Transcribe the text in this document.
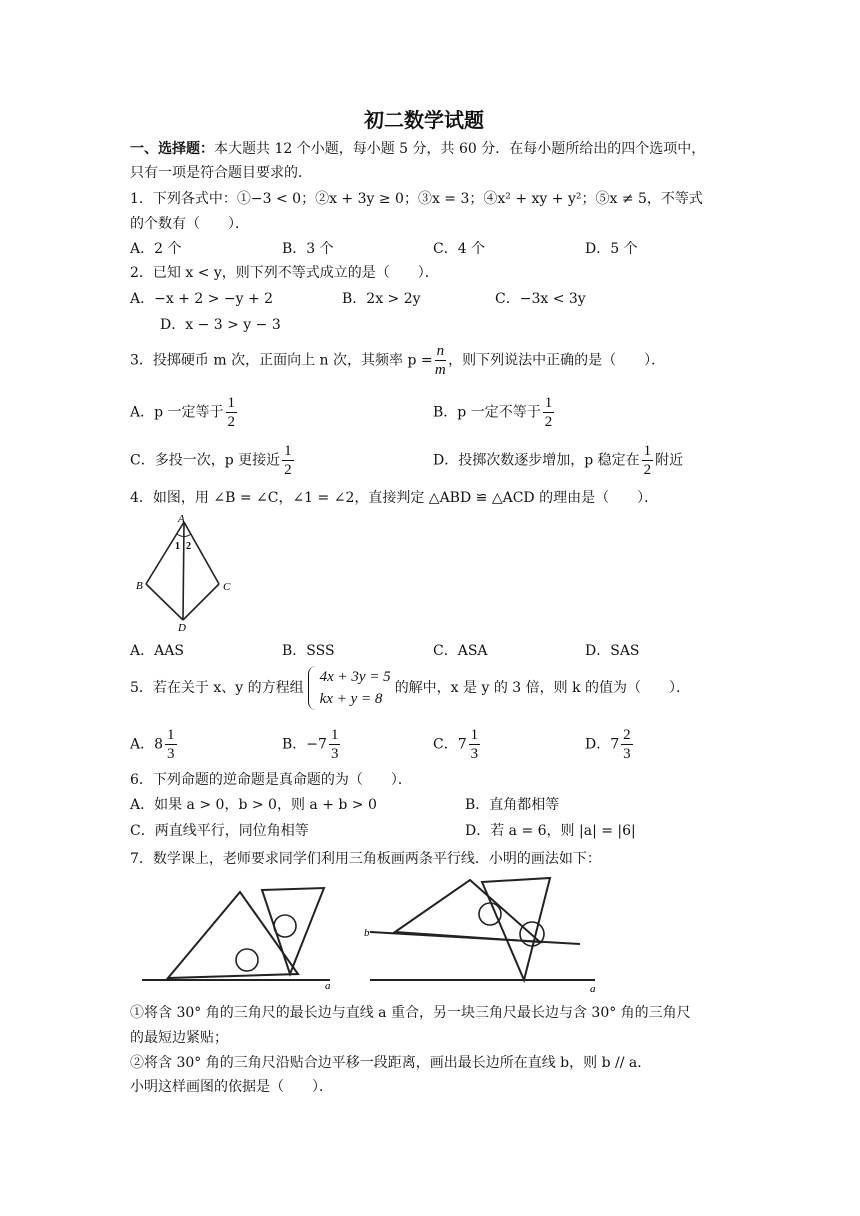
初二数学试题
一、选择题：本大题共 12 个小题，每小题 5 分，共 60 分．在每小题所给出的四个选项中，
只有一项是符合题目要求的．
1．下列各式中：①−3 < 0；②x + 3y ≥ 0；③x = 3；④x² + xy + y²；⑤x ≠ 5，不等式
的个数有（　　）．
A．2 个	B．3 个	C．4 个	D．5 个
2．已知 x < y，则下列不等式成立的是（　　）．
A．−x + 2 > −y + 2	B．2x > 2y	C．−3x < 3y
D．x − 3 > y − 3
3．投掷硬币 m 次，正面向上 n 次，其频率 $p = \frac{n}{m}$ ，则下列说法中正确的是（　　）．
A．p 一定等于 $\frac{1}{2}$	B．p 一定不等于 $\frac{1}{2}$
C．多投一次，p 更接近 $\frac{1}{2}$	D．投掷次数逐步增加，p 稳定在 $\frac{1}{2}$ 附近
4．如图，用 ∠B = ∠C，∠1 = ∠2，直接判定 △ABD ≌ △ACD 的理由是（　　）．
A
B	C
D
1 2
A．AAS	B．SSS	C．ASA	D．SAS
5．若在关于 x、y 的方程组
4x + 3y = 5
kx + y = 8
的解中，x 是 y 的 3 倍，则 k 的值为（　　）．
A．$8 \frac{1}{3}$	B．$-7 \frac{1}{3}$	C．$7 \frac{1}{3}$	D．$7 \frac{2}{3}$
6．下列命题的逆命题是真命题的为（　　）．
A．如果 a > 0，b > 0，则 a + b > 0	B．直角都相等
C．两直线平行，同位角相等	D．若 a = 6，则 |a| = |6|
7．数学课上，老师要求同学们利用三角板画两条平行线．小明的画法如下：
a
b
a
①将含 30° 角的三角尺的最长边与直线 a 重合，另一块三角尺最长边与含 30° 角的三角尺
的最短边紧贴；
②将含 30° 角的三角尺沿贴合边平移一段距离，画出最长边所在直线 b，则 b // a．
小明这样画图的依据是（　　）．
